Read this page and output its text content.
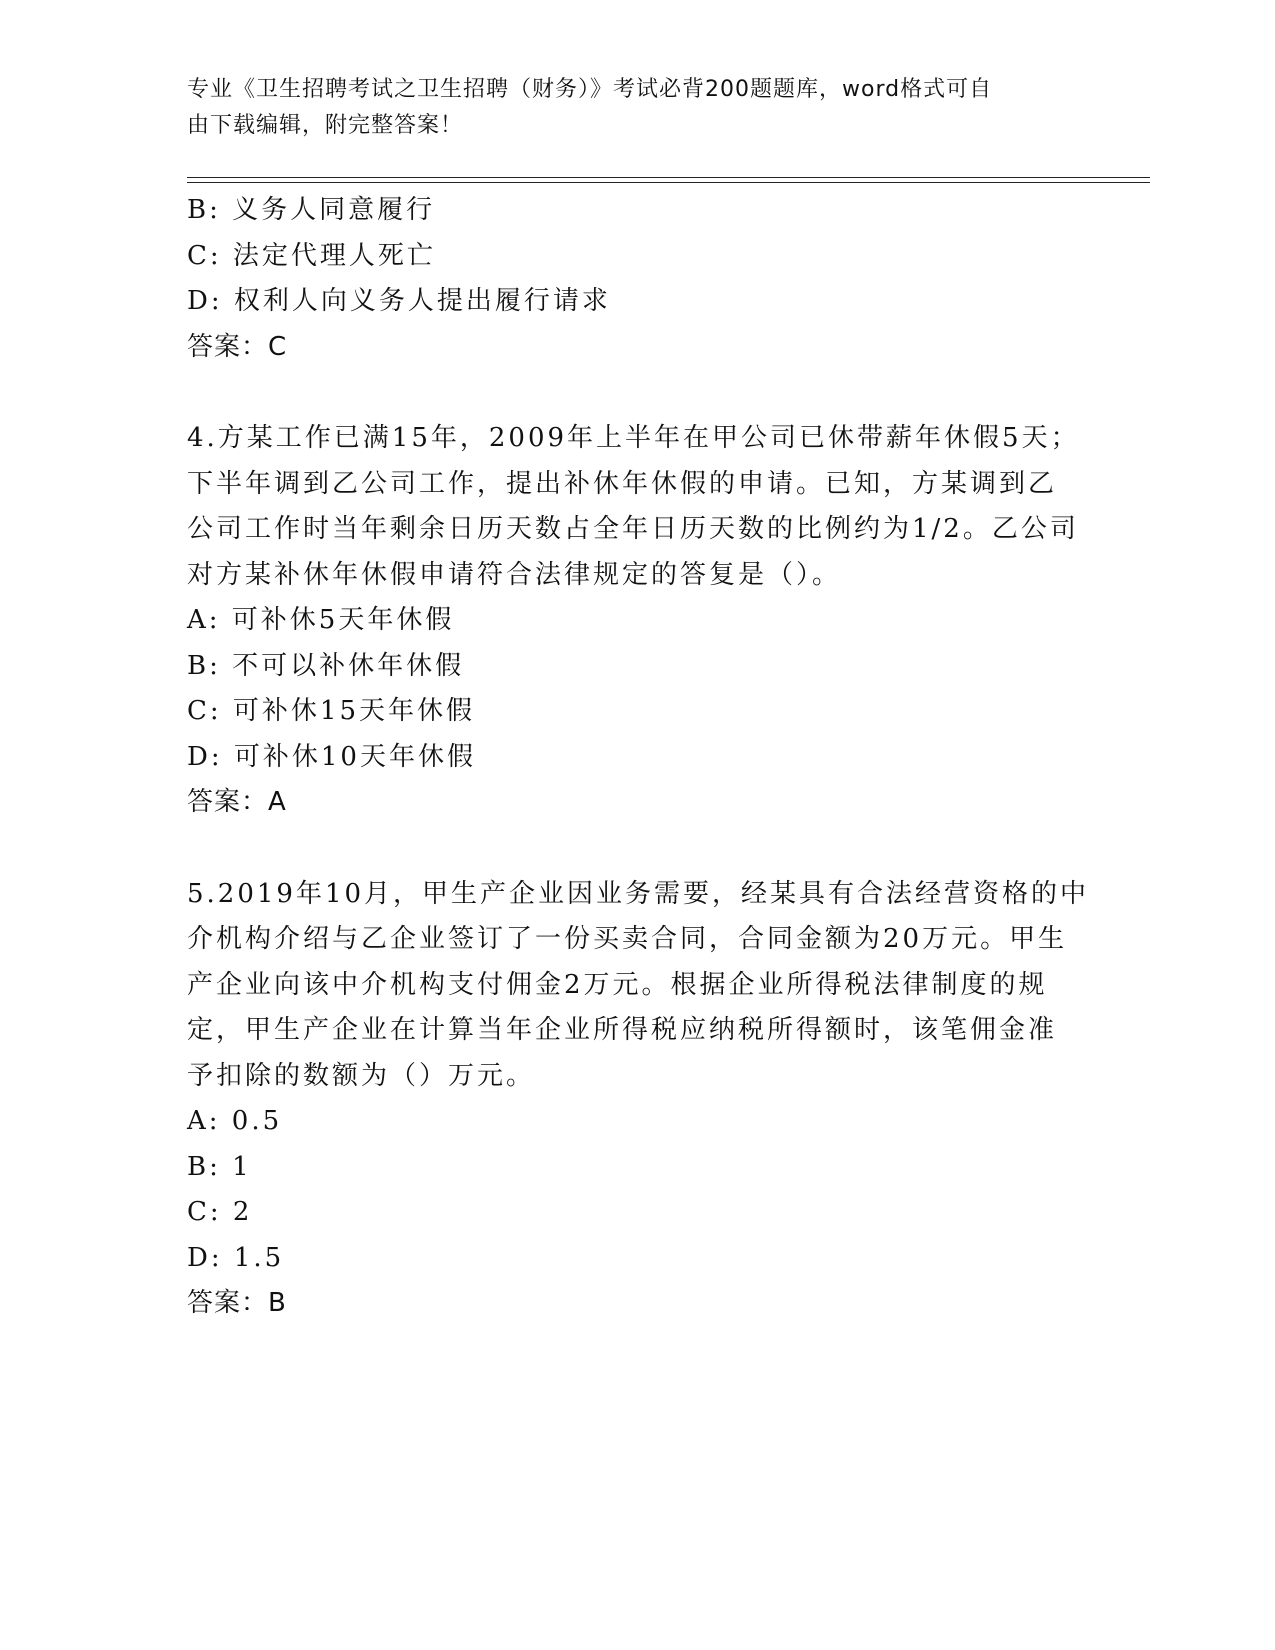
专业《卫生招聘考试之卫生招聘（财务）》考试必背200题题库，word格式可自
由下载编辑，附完整答案！
B: 义务人同意履行
C: 法定代理人死亡
D: 权利人向义务人提出履行请求
答案：C
4.方某工作已满15年，2009年上半年在甲公司已休带薪年休假5天；
下半年调到乙公司工作，提出补休年休假的申请。已知，方某调到乙
公司工作时当年剩余日历天数占全年日历天数的比例约为1/2。乙公司
对方某补休年休假申请符合法律规定的答复是（）。
A: 可补休5天年休假
B: 不可以补休年休假
C: 可补休15天年休假
D: 可补休10天年休假
答案：A
5.2019年10月，甲生产企业因业务需要，经某具有合法经营资格的中
介机构介绍与乙企业签订了一份买卖合同，合同金额为20万元。甲生
产企业向该中介机构支付佣金2万元。根据企业所得税法律制度的规
定，甲生产企业在计算当年企业所得税应纳税所得额时，该笔佣金准
予扣除的数额为（）万元。
A: 0.5
B: 1
C: 2
D: 1.5
答案：B
